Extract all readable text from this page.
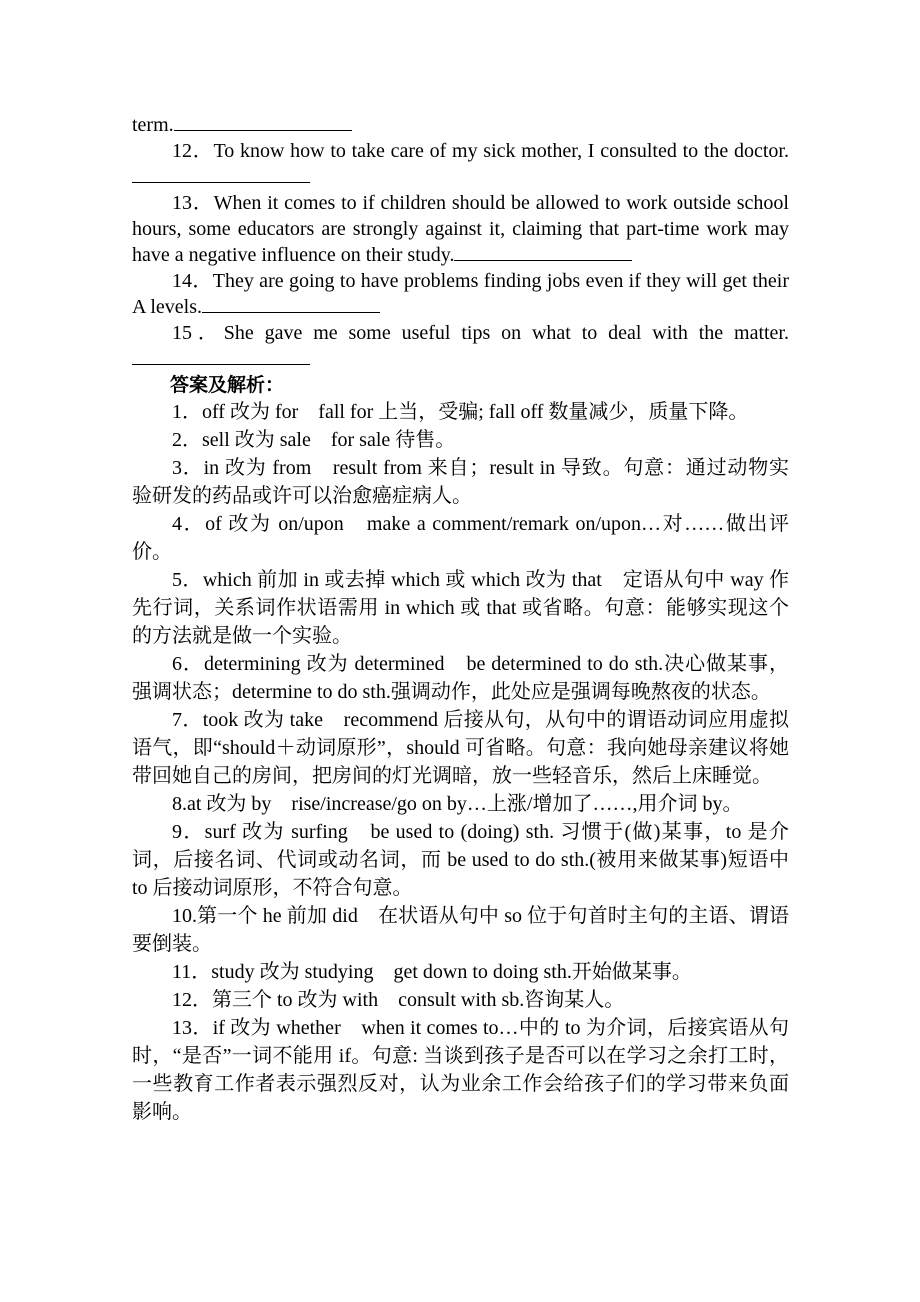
term.

12．To know how to take care of my sick mother, I consulted to the doctor.

13．When it comes to if children should be allowed to work outside school hours, some educators are strongly against it, claiming that part-time work may have a negative influence on their study.

14．They are going to have problems finding jobs even if they will get their A levels.

15．She gave me some useful tips on what to deal with the matter.

答案及解析：

1．off 改为 for　fall for 上当，受骗; fall off 数量减少，质量下降。

2．sell 改为 sale　for sale 待售。

3．in 改为 from　result from 来自；result in 导致。句意：通过动物实验研发的药品或许可以治愈癌症病人。

4．of 改为 on/upon　make a comment/remark on/upon…对……做出评价。

5．which 前加 in 或去掉 which 或 which 改为 that　定语从句中 way 作先行词，关系词作状语需用 in which 或 that 或省略。句意：能够实现这个的方法就是做一个实验。

6．determining 改为 determined　be determined to do sth.决心做某事，强调状态；determine to do sth.强调动作，此处应是强调每晚熬夜的状态。

7．took 改为 take　recommend 后接从句，从句中的谓语动词应用虚拟语气，即“should＋动词原形”，should 可省略。句意：我向她母亲建议将她带回她自己的房间，把房间的灯光调暗，放一些轻音乐，然后上床睡觉。

8.at 改为 by　rise/increase/go on by…上涨/增加了……,用介词 by。

9．surf 改为 surfing　be used to (doing) sth. 习惯于(做)某事，to 是介词，后接名词、代词或动名词，而 be used to do sth.(被用来做某事)短语中 to 后接动词原形，不符合句意。

10.第一个 he 前加 did　在状语从句中 so 位于句首时主句的主语、谓语要倒装。

11．study 改为 studying　get down to doing sth.开始做某事。

12．第三个 to 改为 with　consult with sb.咨询某人。

13．if 改为 whether　when it comes to…中的 to 为介词，后接宾语从句时，“是否”一词不能用 if。句意: 当谈到孩子是否可以在学习之余打工时，一些教育工作者表示强烈反对，认为业余工作会给孩子们的学习带来负面影响。
